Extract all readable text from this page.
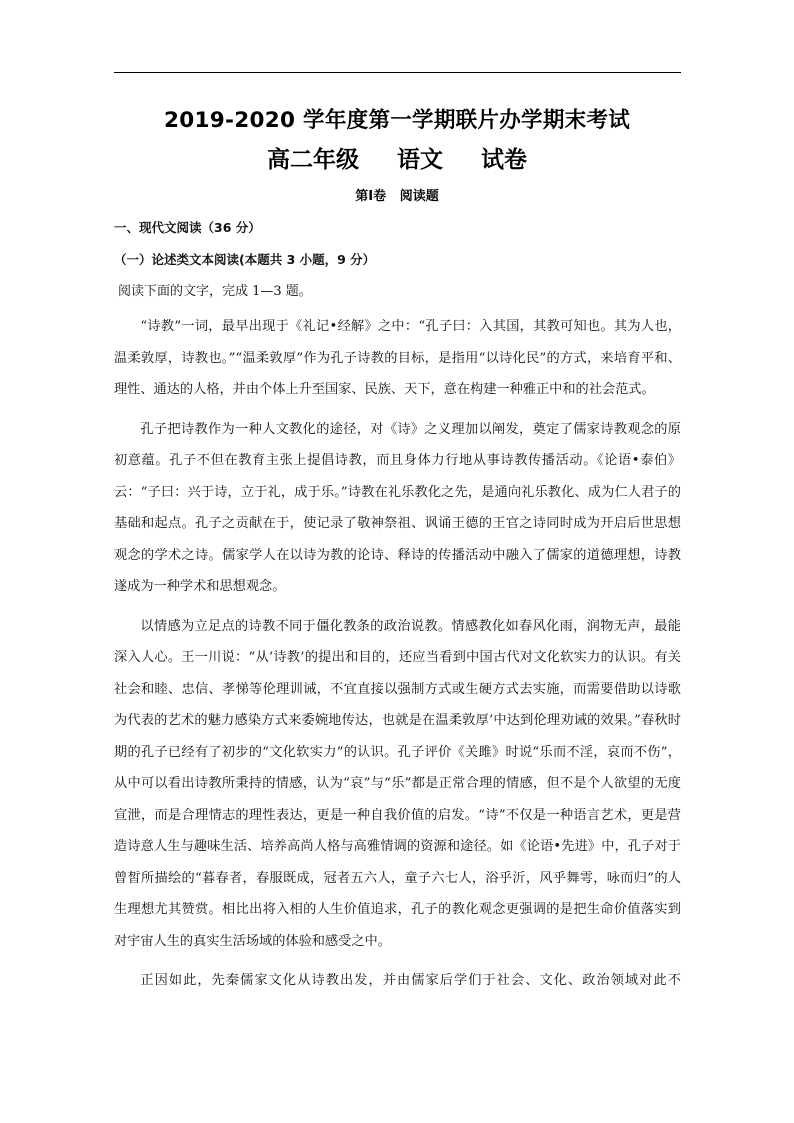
2019-2020 学年度第一学期联片办学期末考试
高二年级 语文 试卷
第Ⅰ卷 阅读题
一、现代文阅读（36 分）
（一）论述类文本阅读(本题共 3 小题，9 分）
阅读下面的文字，完成 1—3 题。

“诗教”一词，最早出现于《礼记•经解》之中：“孔子曰：入其国，其教可知也。其为人也，温柔敦厚，诗教也。”“温柔敦厚”作为孔子诗教的目标，是指用“以诗化民”的方式，来培育平和、理性、通达的人格，并由个体上升至国家、民族、天下，意在构建一种雅正中和的社会范式。

孔子把诗教作为一种人文教化的途径，对《诗》之义理加以阐发，奠定了儒家诗教观念的原初意蕴。孔子不但在教育主张上提倡诗教，而且身体力行地从事诗教传播活动。《论语•泰伯》云：“子曰：兴于诗，立于礼，成于乐。”诗教在礼乐教化之先，是通向礼乐教化、成为仁人君子的基础和起点。孔子之贡献在于，使记录了敬神祭祖、讽诵王德的王官之诗同时成为开启后世思想观念的学术之诗。儒家学人在以诗为教的论诗、释诗的传播活动中融入了儒家的道德理想，诗教遂成为一种学术和思想观念。

以情感为立足点的诗教不同于僵化教条的政治说教。情感教化如春风化雨，润物无声，最能深入人心。王一川说：“从‘诗教’的提出和目的，还应当看到中国古代对文化软实力的认识。有关社会和睦、忠信、孝悌等伦理训诫，不宜直接以强制方式或生硬方式去实施，而需要借助以诗歌为代表的艺术的魅力感染方式来委婉地传达，也就是在温柔敦厚’中达到伦理劝诫的效果。”春秋时期的孔子已经有了初步的“文化软实力”的认识。孔子评价《关雎》时说“乐而不淫，哀而不伤”，从中可以看出诗教所秉持的情感，认为“哀”与“乐”都是正常合理的情感，但不是个人欲望的无度宣泄，而是合理情志的理性表达，更是一种自我价值的启发。“诗”不仅是一种语言艺术，更是营造诗意人生与趣味生活、培养高尚人格与高雅情调的资源和途径。如《论语•先进》中，孔子对于曾皙所描绘的“暮春者，春服既成，冠者五六人，童子六七人，浴乎沂，风乎舞雩，咏而归”的人生理想尤其赞赏。相比出将入相的人生价值追求，孔子的教化观念更强调的是把生命价值落实到对宇宙人生的真实生活场域的体验和感受之中。

正因如此，先秦儒家文化从诗教出发，并由儒家后学们于社会、文化、政治领域对此不
